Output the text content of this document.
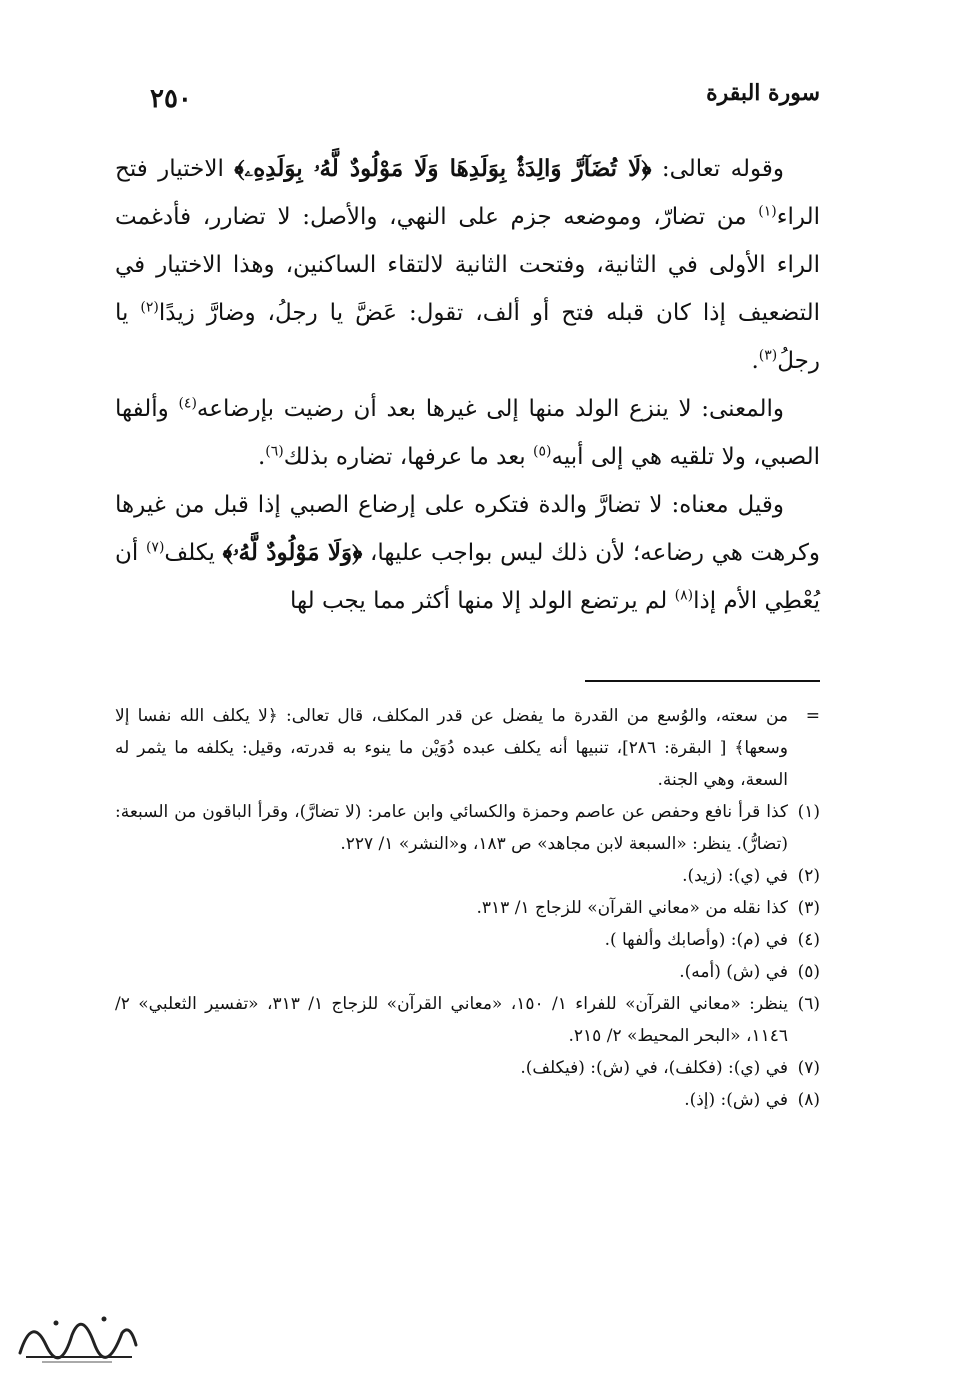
٢٥٠	سورة البقرة

وقوله تعالى: ﴿لَا تُضَآرَّ وَالِدَةٌۢ بِوَلَدِهَا وَلَا مَوْلُودٌ لَّهُۥ بِوَلَدِهِۦ﴾ الاختيار فتح الراء$^{(١)}$ من تضارّ، وموضعه جزم على النهي، والأصل: لا تضارر، فأدغمت الراء الأولى في الثانية، وفتحت الثانية لالتقاء الساكنين، وهذا الاختيار في التضعيف إذا كان قبله فتح أو ألف، تقول: عَضَّ يا رجلُ، وضارَّ زيدًا$^{(٢)}$ يا رجلُ$^{(٣)}$.

والمعنى: لا ينزع الولد منها إلى غيرها بعد أن رضيت بإرضاعه$^{(٤)}$ وألفها الصبي، ولا تلقيه هي إلى أبيه$^{(٥)}$ بعد ما عرفها، تضاره بذلك$^{(٦)}$.

وقيل معناه: لا تضارَّ والدة فتكره على إرضاع الصبي إذا قبل من غيرها وكرهت هي رضاعه؛ لأن ذلك ليس بواجب عليها، ﴿وَلَا مَوْلُودٌ لَّهُۥ﴾ يكلف$^{(٧)}$ أن يُعْطِي الأم إذا$^{(٨)}$ لم يرتضع الولد إلا منها أكثر مما يجب لها

=
من سعته، والوُسع من القدرة ما يفضل عن قدر المكلف، قال تعالى: ﴿لا يكلف الله نفسا إلا وسعها﴾ [ البقرة: ٢٨٦]، تنبيها أنه يكلف عبده دُوَيْن ما ينوء به قدرته، وقيل: يكلفه ما يثمر له السعة، وهي الجنة.

(١)
كذا قرأ نافع وحفص عن عاصم وحمزة والكسائي وابن عامر: (لا تضارَّ)، وقرأ الباقون من السبعة: (تضارُّ). ينظر: «السبعة لابن مجاهد» ص ١٨٣، و«النشر» ١/ ٢٢٧.

(٢)
في (ي): (زيد).

(٣)
كذا نقله من «معاني القرآن» للزجاج ١/ ٣١٣.

(٤)
في (م): (وأصابك وألفها ).

(٥)
في (ش) (أمه).

(٦)
ينظر: «معاني القرآن» للفراء ١/ ١٥٠، «معاني القرآن» للزجاج ١/ ٣١٣، «تفسير الثعلبي» ٢/ ١١٤٦، «البحر المحيط» ٢/ ٢١٥.

(٧)
في (ي): (فكلف)، في (ش): (فيكلف).

(٨)
في (ش): (إذ).
